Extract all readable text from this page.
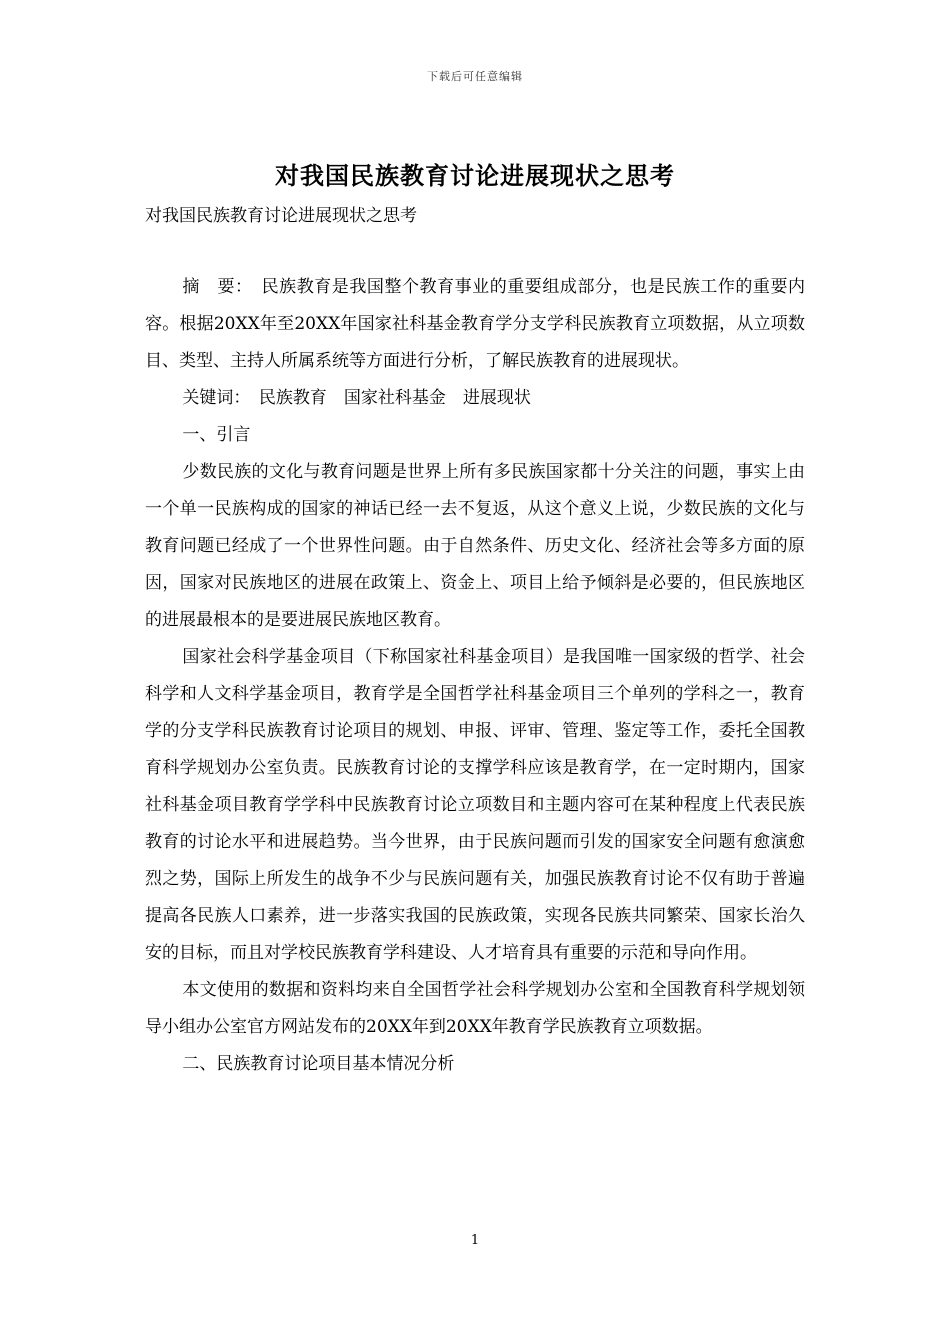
下载后可任意编辑
对我国民族教育讨论进展现状之思考
对我国民族教育讨论进展现状之思考

摘　要：　民族教育是我国整个教育事业的重要组成部分，也是民族工作的重要内容。根据20XX年至20XX年国家社科基金教育学分支学科民族教育立项数据，从立项数目、类型、主持人所属系统等方面进行分析，了解民族教育的进展现状。

关键词：　民族教育　国家社科基金　进展现状

一、引言

少数民族的文化与教育问题是世界上所有多民族国家都十分关注的问题，事实上由一个单一民族构成的国家的神话已经一去不复返，从这个意义上说，少数民族的文化与教育问题已经成了一个世界性问题。由于自然条件、历史文化、经济社会等多方面的原因，国家对民族地区的进展在政策上、资金上、项目上给予倾斜是必要的，但民族地区的进展最根本的是要进展民族地区教育。

国家社会科学基金项目（下称国家社科基金项目）是我国唯一国家级的哲学、社会科学和人文科学基金项目，教育学是全国哲学社科基金项目三个单列的学科之一，教育学的分支学科民族教育讨论项目的规划、申报、评审、管理、鉴定等工作，委托全国教育科学规划办公室负责。民族教育讨论的支撑学科应该是教育学，在一定时期内，国家社科基金项目教育学学科中民族教育讨论立项数目和主题内容可在某种程度上代表民族教育的讨论水平和进展趋势。当今世界，由于民族问题而引发的国家安全问题有愈演愈烈之势，国际上所发生的战争不少与民族问题有关，加强民族教育讨论不仅有助于普遍提高各民族人口素养，进一步落实我国的民族政策，实现各民族共同繁荣、国家长治久安的目标，而且对学校民族教育学科建设、人才培育具有重要的示范和导向作用。

本文使用的数据和资料均来自全国哲学社会科学规划办公室和全国教育科学规划领导小组办公室官方网站发布的20XX年到20XX年教育学民族教育立项数据。

二、民族教育讨论项目基本情况分析

1
